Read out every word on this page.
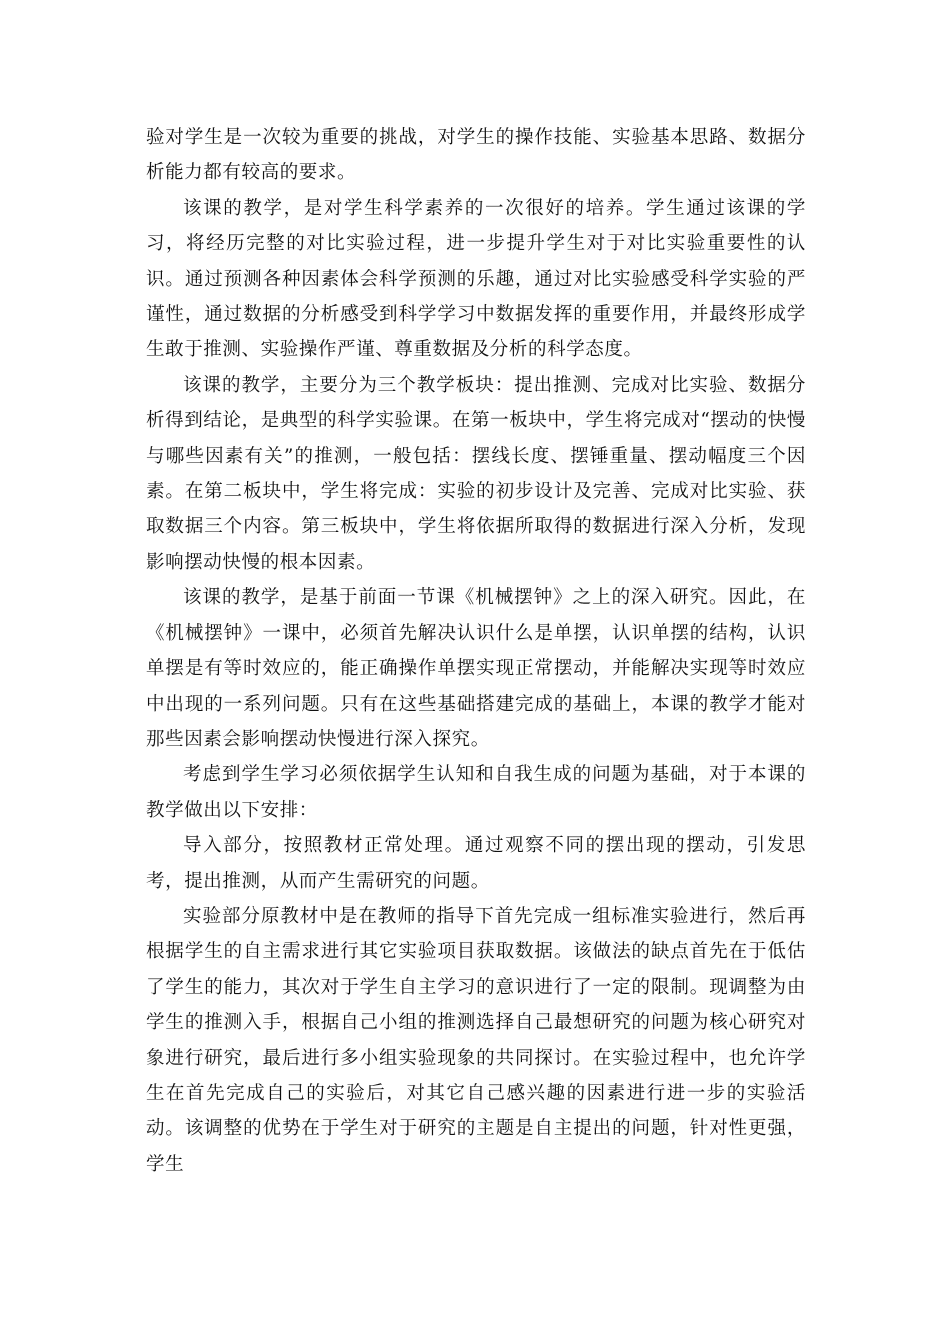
验对学生是一次较为重要的挑战，对学生的操作技能、实验基本思路、数据分析能力都有较高的要求。

该课的教学，是对学生科学素养的一次很好的培养。学生通过该课的学习，将经历完整的对比实验过程，进一步提升学生对于对比实验重要性的认识。通过预测各种因素体会科学预测的乐趣，通过对比实验感受科学实验的严谨性，通过数据的分析感受到科学学习中数据发挥的重要作用，并最终形成学生敢于推测、实验操作严谨、尊重数据及分析的科学态度。

该课的教学，主要分为三个教学板块：提出推测、完成对比实验、数据分析得到结论，是典型的科学实验课。在第一板块中，学生将完成对“摆动的快慢与哪些因素有关”的推测，一般包括：摆线长度、摆锤重量、摆动幅度三个因素。在第二板块中，学生将完成：实验的初步设计及完善、完成对比实验、获取数据三个内容。第三板块中，学生将依据所取得的数据进行深入分析，发现影响摆动快慢的根本因素。

该课的教学，是基于前面一节课《机械摆钟》之上的深入研究。因此，在《机械摆钟》一课中，必须首先解决认识什么是单摆，认识单摆的结构，认识单摆是有等时效应的，能正确操作单摆实现正常摆动，并能解决实现等时效应中出现的一系列问题。只有在这些基础搭建完成的基础上，本课的教学才能对那些因素会影响摆动快慢进行深入探究。

考虑到学生学习必须依据学生认知和自我生成的问题为基础，对于本课的教学做出以下安排：

导入部分，按照教材正常处理。通过观察不同的摆出现的摆动，引发思考，提出推测，从而产生需研究的问题。

实验部分原教材中是在教师的指导下首先完成一组标准实验进行，然后再根据学生的自主需求进行其它实验项目获取数据。该做法的缺点首先在于低估了学生的能力，其次对于学生自主学习的意识进行了一定的限制。现调整为由学生的推测入手，根据自己小组的推测选择自己最想研究的问题为核心研究对象进行研究，最后进行多小组实验现象的共同探讨。在实验过程中，也允许学生在首先完成自己的实验后，对其它自己感兴趣的因素进行进一步的实验活动。该调整的优势在于学生对于研究的主题是自主提出的问题，针对性更强，学生
